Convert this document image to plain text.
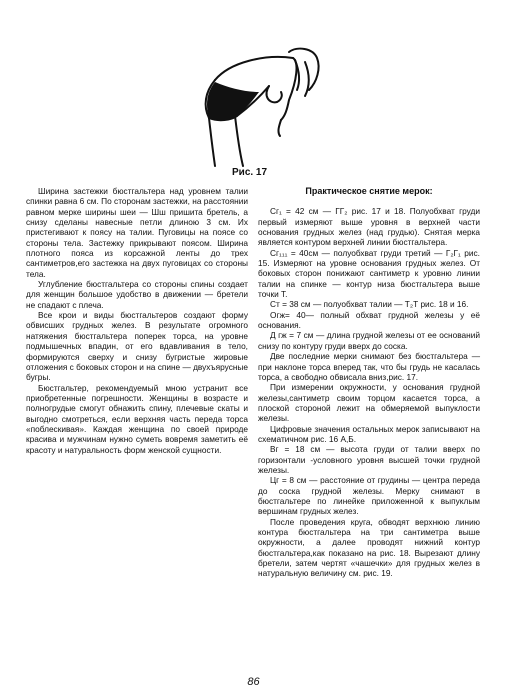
Рис. 17

Ширина застежки бюстгальтера над уровнем талии спинки равна 6 см. По сторонам застежки, на расстоянии равном мерке ширины шеи — Шш пришита бретель, а снизу сделаны навесные петли длиною 3 см. Их пристегивают к поясу на талии. Пуговицы на поясе со стороны тела. Застежку прикрывают поясом. Ширина плотного пояса из корсажной ленты до трех сантиметров,его застежка на двух пуговицах со стороны тела.

Углубление бюстгальтера со стороны спины создает для женщин большое удобство в движении — бретели не спадают с плеча.

Все крои и виды бюстгальтеров создают форму обвисших грудных желез. В результате огромного натяжения бюстгальтера поперек торса, на уровне подмышечных впадин, от его вдавливания в тело, формируются сверху и снизу бугристые жировые отложения с боковых сторон и на спине — двухъярусные бугры.

Бюстгальтер, рекомендуемый мною устранит все приобретенные погрешности. Женщины в возрасте и полногрудые смогут обнажить спину, плечевые скаты и выгодно смотреться, если верхняя часть переда торса «поблескивая». Каждая женщина по своей природе красива и мужчинам нужно суметь вовремя заметить её красоту и натуральность форм женской сущности.

Практическое снятие мерок:

Сг₁ = 42 см — ГГ₂ рис. 17 и 18. Полуобхват груди первый измеряют выше уровня в верхней части основания грудных желез (над грудью). Снятая мерка является контуром верхней линии бюстгальтера.

Сг₁₁₁ = 40см — полуобхват груди третий — Г₂Г₁ рис. 15. Измеряют на уровне основания грудных желез. От боковых сторон понижают сантиметр к уровню линии талии на спинке — контур низа бюстгальтера выше точки Т.

Ст = 38 см — полуобхват талии — Т₂Т рис. 18 и 16.

Огж= 40— полный обхват грудной железы у её основания.

Д гж = 7 см — длина грудной железы от ее оснований снизу по контуру груди вверх до соска.

Две последние мерки снимают без бюстгальтера — при наклоне торса вперед так, что бы грудь не касалась торса, а свободно обвисала вниз,рис. 17.

При измерении окружности, у основания грудной железы,сантиметр своим торцом касается торса, а плоской стороной лежит на обмеряемой выпуклости железы.

Цифровые значения остальных мерок записывают на схематичном рис. 16 А,Б.

Вг = 18 см — высота груди от талии вверх по горизонтали -условного уровня высшей точки грудной железы.

Цг = 8 см — расстояние от грудины — центра переда до соска грудной железы. Мерку снимают в бюстгальтере по линейке приложенной к выпуклым вершинам грудных желез.

После проведения круга, обводят верхнюю линию контура бюстгальтера на три сантиметра выше окружности, а далее проводят нижний контур бюстгальтера,как показано на рис. 18. Вырезают длину бретели, затем чертят «чашечки» для грудных желез в натуральную величину см. рис. 19.

86
